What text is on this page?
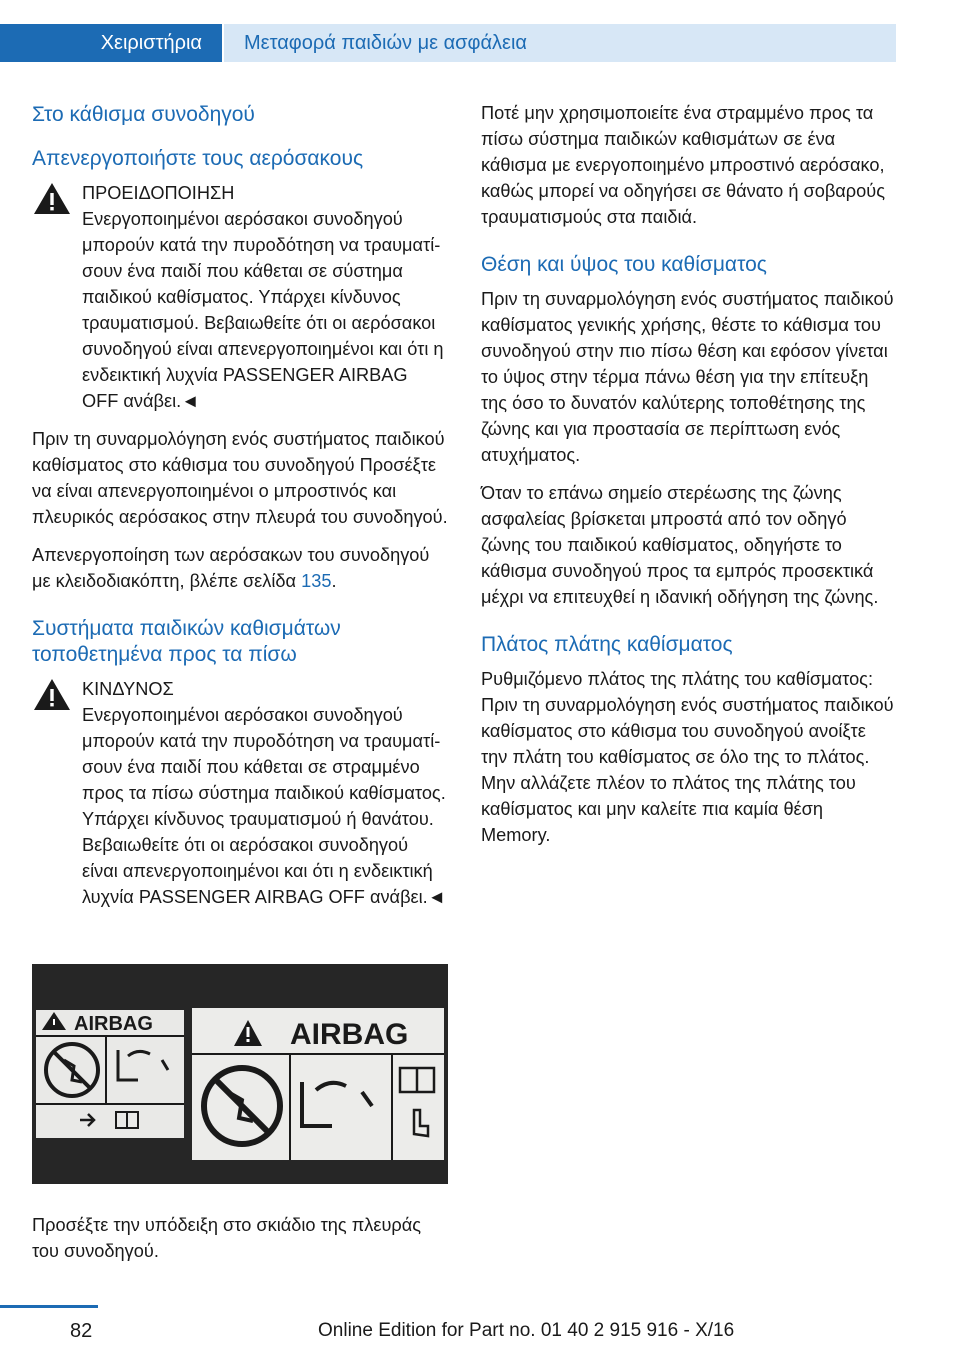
Χειριστήρια	Μεταφορά παιδιών με ασφάλεια
Στο κάθισμα συνοδηγού
Απενεργοποιήστε τους αερόσακους
ΠΡΟΕΙΔΟΠΟΙΗΣΗ

Ενεργοποιημένοι αερόσακοι συνοδηγού μπορούν κατά την πυροδότηση να τραυματίσουν ένα παιδί που κάθεται σε σύστημα παιδικού καθίσματος. Υπάρχει κίνδυνος τραυματισμού. Βεβαιωθείτε ότι οι αερόσακοι συνοδηγού είναι απενεργοποιημένοι και ότι η ενδεικτική λυχνία PASSENGER AIRBAG OFF ανάβει.◄

Πριν τη συναρμολόγηση ενός συστήματος παιδικού καθίσματος στο κάθισμα του συνοδηγού Προσέξτε να είναι απενεργοποιημένοι ο μπροστινός και πλευρικός αερόσακος στην πλευρά του συνοδηγού.

Απενεργοποίηση των αερόσακων του συνοδηγού με κλειδοδιακόπτη, βλέπε σελίδα 135.

Συστήματα παιδικών καθισμάτων τοποθετημένα προς τα πίσω
ΚΙΝΔΥΝΟΣ

Ενεργοποιημένοι αερόσακοι συνοδηγού μπορούν κατά την πυροδότηση να τραυματίσουν ένα παιδί που κάθεται σε στραμμένο προς τα πίσω σύστημα παιδικού καθίσματος. Υπάρχει κίνδυνος τραυματισμού ή θανάτου. Βεβαιωθείτε ότι οι αερόσακοι συνοδηγού είναι απενεργοποιημένοι και ότι η ενδεικτική λυχνία PASSENGER AIRBAG OFF ανάβει.◄

AIRBAG	AIRBAG

Προσέξτε την υπόδειξη στο σκιάδιο της πλευράς του συνοδηγού.

Ποτέ μην χρησιμοποιείτε ένα στραμμένο προς τα πίσω σύστημα παιδικών καθισμάτων σε ένα κάθισμα με ενεργοποιημένο μπροστινό αερόσακο, καθώς μπορεί να οδηγήσει σε θάνατο ή σοβαρούς τραυματισμούς στα παιδιά.

Θέση και ύψος του καθίσματος

Πριν τη συναρμολόγηση ενός συστήματος παιδικού καθίσματος γενικής χρήσης, θέστε το κάθισμα του συνοδηγού στην πιο πίσω θέση και εφόσον γίνεται το ύψος στην τέρμα πάνω θέση για την επίτευξη της όσο το δυνατόν καλύτερης τοποθέτησης της ζώνης και για προστασία σε περίπτωση ενός ατυχήματος.

Όταν το επάνω σημείο στερέωσης της ζώνης ασφαλείας βρίσκεται μπροστά από τον οδηγό ζώνης του παιδικού καθίσματος, οδηγήστε το κάθισμα συνοδηγού προς τα εμπρός προσεκτικά μέχρι να επιτευχθεί η ιδανική οδήγηση της ζώνης.

Πλάτος πλάτης καθίσματος

Ρυθμιζόμενο πλάτος της πλάτης του καθίσματος: Πριν τη συναρμολόγηση ενός συστήματος παιδικού καθίσματος στο κάθισμα του συνοδηγού ανοίξτε την πλάτη του καθίσματος σε όλο της το πλάτος. Μην αλλάζετε πλέον το πλάτος της πλάτης του καθίσματος και μην καλείτε πια καμία θέση Memory.

82	Online Edition for Part no. 01 40 2 915 916 - X/16
